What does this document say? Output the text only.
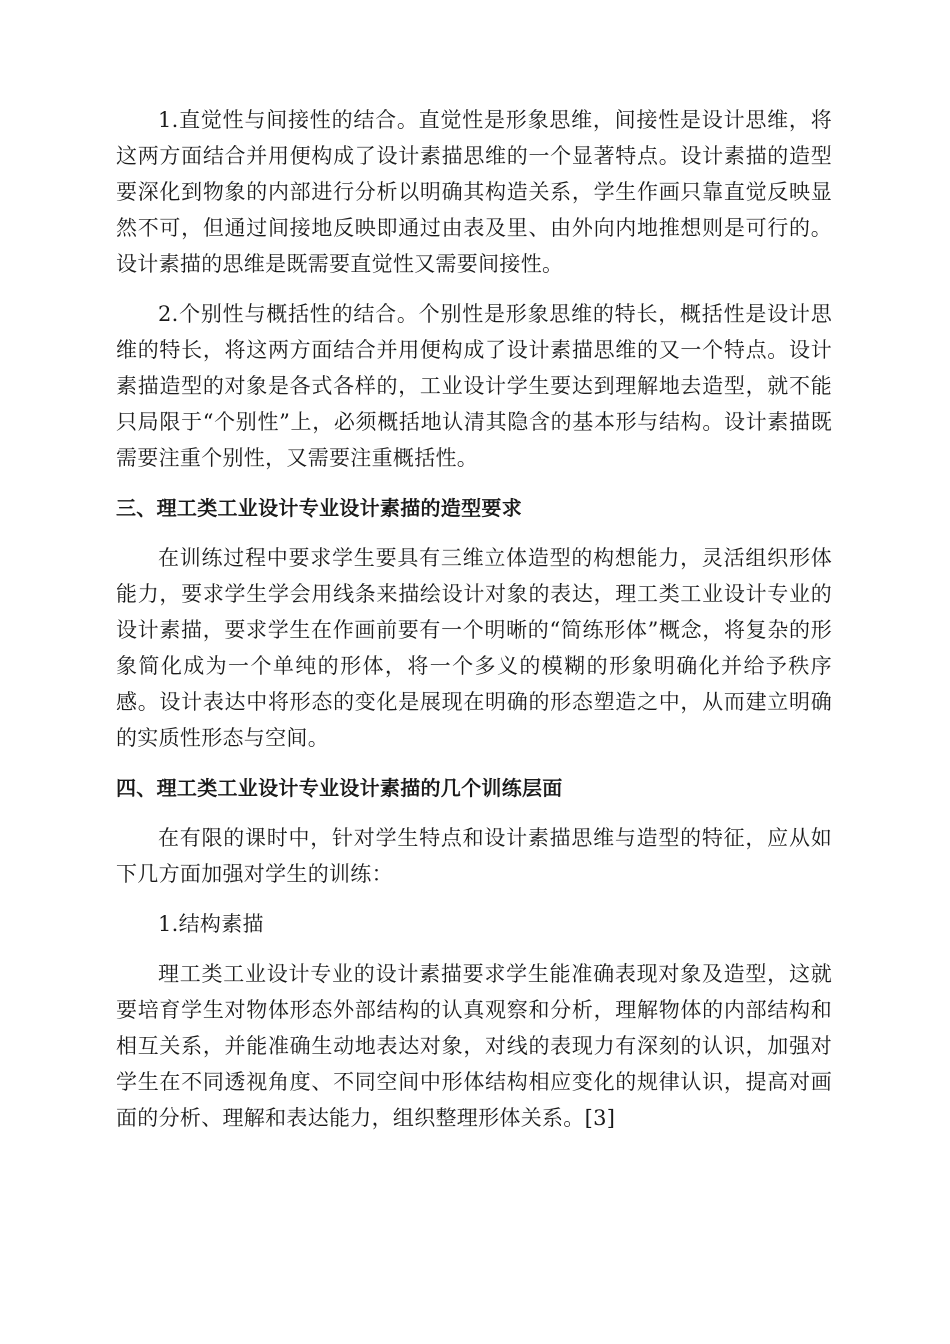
1.直觉性与间接性的结合。直觉性是形象思维，间接性是设计思维，将这两方面结合并用便构成了设计素描思维的一个显著特点。设计素描的造型要深化到物象的内部进行分析以明确其构造关系，学生作画只靠直觉反映显然不可，但通过间接地反映即通过由表及里、由外向内地推想则是可行的。设计素描的思维是既需要直觉性又需要间接性。

2.个别性与概括性的结合。个别性是形象思维的特长，概括性是设计思维的特长，将这两方面结合并用便构成了设计素描思维的又一个特点。设计素描造型的对象是各式各样的，工业设计学生要达到理解地去造型，就不能只局限于“个别性”上，必须概括地认清其隐含的基本形与结构。设计素描既需要注重个别性，又需要注重概括性。

三、理工类工业设计专业设计素描的造型要求

在训练过程中要求学生要具有三维立体造型的构想能力，灵活组织形体能力，要求学生学会用线条来描绘设计对象的表达，理工类工业设计专业的设计素描，要求学生在作画前要有一个明晰的“简练形体”概念，将复杂的形象简化成为一个单纯的形体，将一个多义的模糊的形象明确化并给予秩序感。设计表达中将形态的变化是展现在明确的形态塑造之中，从而建立明确的实质性形态与空间。

四、理工类工业设计专业设计素描的几个训练层面

在有限的课时中，针对学生特点和设计素描思维与造型的特征，应从如下几方面加强对学生的训练：

1.结构素描

理工类工业设计专业的设计素描要求学生能准确表现对象及造型，这就要培育学生对物体形态外部结构的认真观察和分析，理解物体的内部结构和相互关系，并能准确生动地表达对象，对线的表现力有深刻的认识，加强对学生在不同透视角度、不同空间中形体结构相应变化的规律认识，提高对画面的分析、理解和表达能力，组织整理形体关系。[3]
